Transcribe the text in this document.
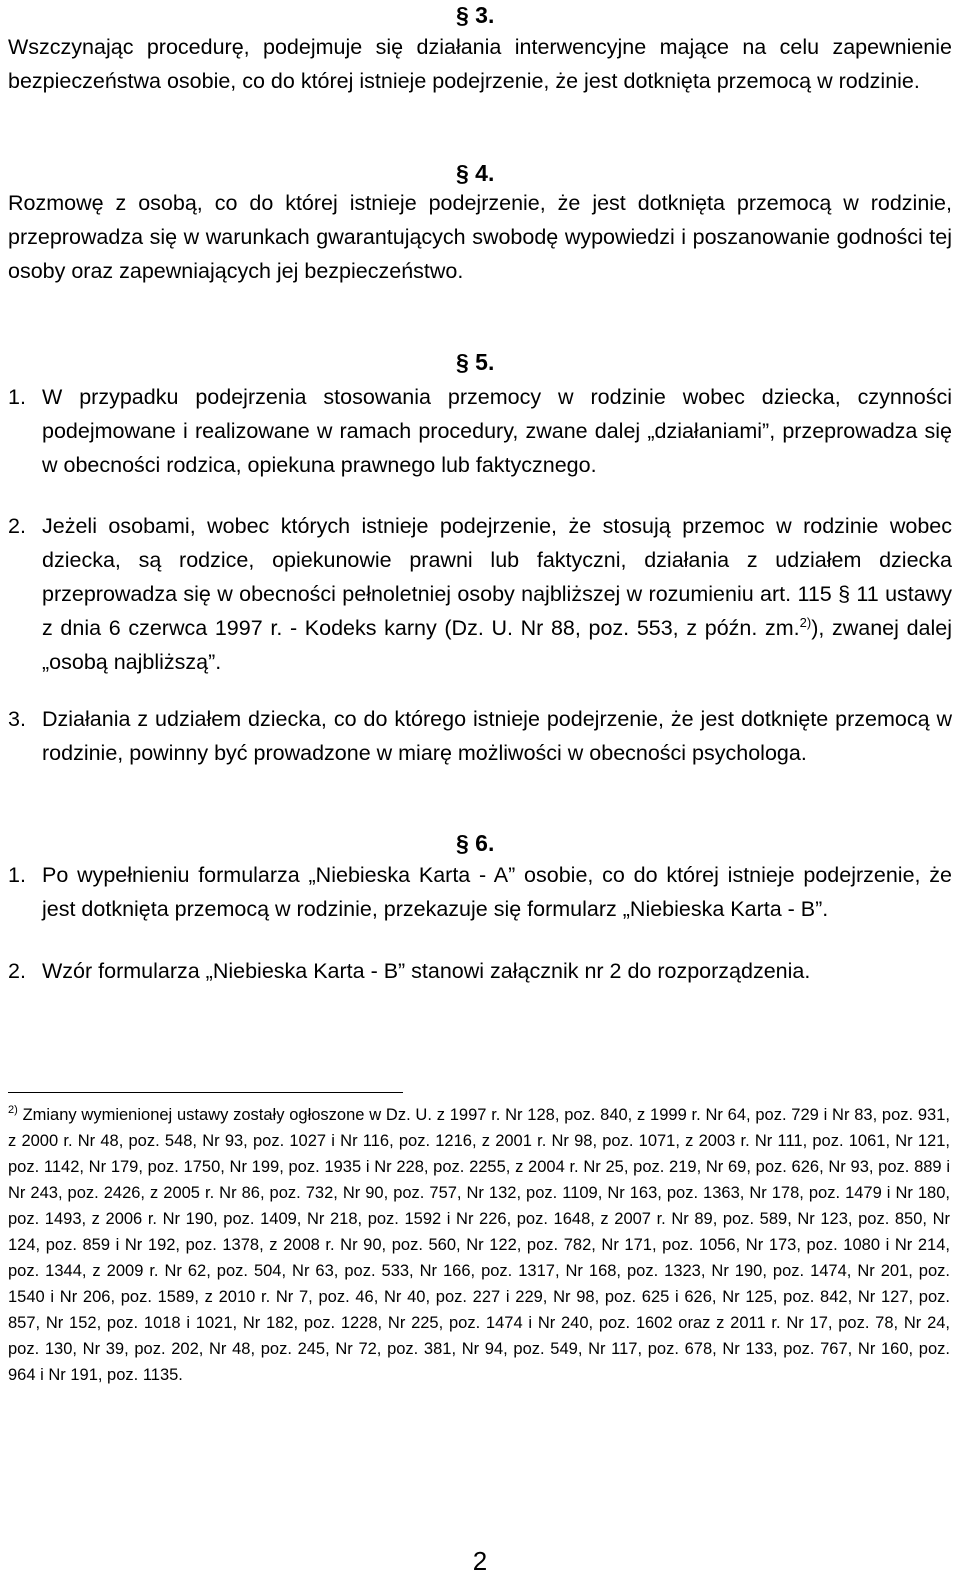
§ 3.
Wszczynając procedurę, podejmuje się działania interwencyjne mające na celu zapewnienie bezpieczeństwa osobie, co do której istnieje podejrzenie, że jest dotknięta przemocą w rodzinie.
§ 4.
Rozmowę z osobą, co do której istnieje podejrzenie, że jest dotknięta przemocą w rodzinie, przeprowadza się w warunkach gwarantujących swobodę wypowiedzi i poszanowanie godności tej osoby oraz zapewniających jej bezpieczeństwo.
§ 5.
1. W przypadku podejrzenia stosowania przemocy w rodzinie wobec dziecka, czynności podejmowane i realizowane w ramach procedury, zwane dalej „działaniami”, przeprowadza się w obecności rodzica, opiekuna prawnego lub faktycznego.
2. Jeżeli osobami, wobec których istnieje podejrzenie, że stosują przemoc w rodzinie wobec dziecka, są rodzice, opiekunowie prawni lub faktyczni, działania z udziałem dziecka przeprowadza się w obecności pełnoletniej osoby najbliższej w rozumieniu art. 115 § 11 ustawy z dnia 6 czerwca 1997 r. - Kodeks karny (Dz. U. Nr 88, poz. 553, z późn. zm.$^{2)}$), zwanej dalej „osobą najbliższą”.
3. Działania z udziałem dziecka, co do którego istnieje podejrzenie, że jest dotknięte przemocą w rodzinie, powinny być prowadzone w miarę możliwości w obecności psychologa.
§ 6.
1. Po wypełnieniu formularza „Niebieska Karta - A” osobie, co do której istnieje podejrzenie, że jest dotknięta przemocą w rodzinie, przekazuje się formularz „Niebieska Karta - B”.
2. Wzór formularza „Niebieska Karta - B” stanowi załącznik nr 2 do rozporządzenia.
$^{2)}$ Zmiany wymienionej ustawy zostały ogłoszone w Dz. U. z 1997 r. Nr 128, poz. 840, z 1999 r. Nr 64, poz. 729 i Nr 83, poz. 931, z 2000 r. Nr 48, poz. 548, Nr 93, poz. 1027 i Nr 116, poz. 1216, z 2001 r. Nr 98, poz. 1071, z 2003 r. Nr 111, poz. 1061, Nr 121, poz. 1142, Nr 179, poz. 1750, Nr 199, poz. 1935 i Nr 228, poz. 2255, z 2004 r. Nr 25, poz. 219, Nr 69, poz. 626, Nr 93, poz. 889 i Nr 243, poz. 2426, z 2005 r. Nr 86, poz. 732, Nr 90, poz. 757, Nr 132, poz. 1109, Nr 163, poz. 1363, Nr 178, poz. 1479 i Nr 180, poz. 1493, z 2006 r. Nr 190, poz. 1409, Nr 218, poz. 1592 i Nr 226, poz. 1648, z 2007 r. Nr 89, poz. 589, Nr 123, poz. 850, Nr 124, poz. 859 i Nr 192, poz. 1378, z 2008 r. Nr 90, poz. 560, Nr 122, poz. 782, Nr 171, poz. 1056, Nr 173, poz. 1080 i Nr 214, poz. 1344, z 2009 r. Nr 62, poz. 504, Nr 63, poz. 533, Nr 166, poz. 1317, Nr 168, poz. 1323, Nr 190, poz. 1474, Nr 201, poz. 1540 i Nr 206, poz. 1589, z 2010 r. Nr 7, poz. 46, Nr 40, poz. 227 i 229, Nr 98, poz. 625 i 626, Nr 125, poz. 842, Nr 127, poz. 857, Nr 152, poz. 1018 i 1021, Nr 182, poz. 1228, Nr 225, poz. 1474 i Nr 240, poz. 1602 oraz z 2011 r. Nr 17, poz. 78, Nr 24, poz. 130, Nr 39, poz. 202, Nr 48, poz. 245, Nr 72, poz. 381, Nr 94, poz. 549, Nr 117, poz. 678, Nr 133, poz. 767, Nr 160, poz. 964 i Nr 191, poz. 1135.
2
